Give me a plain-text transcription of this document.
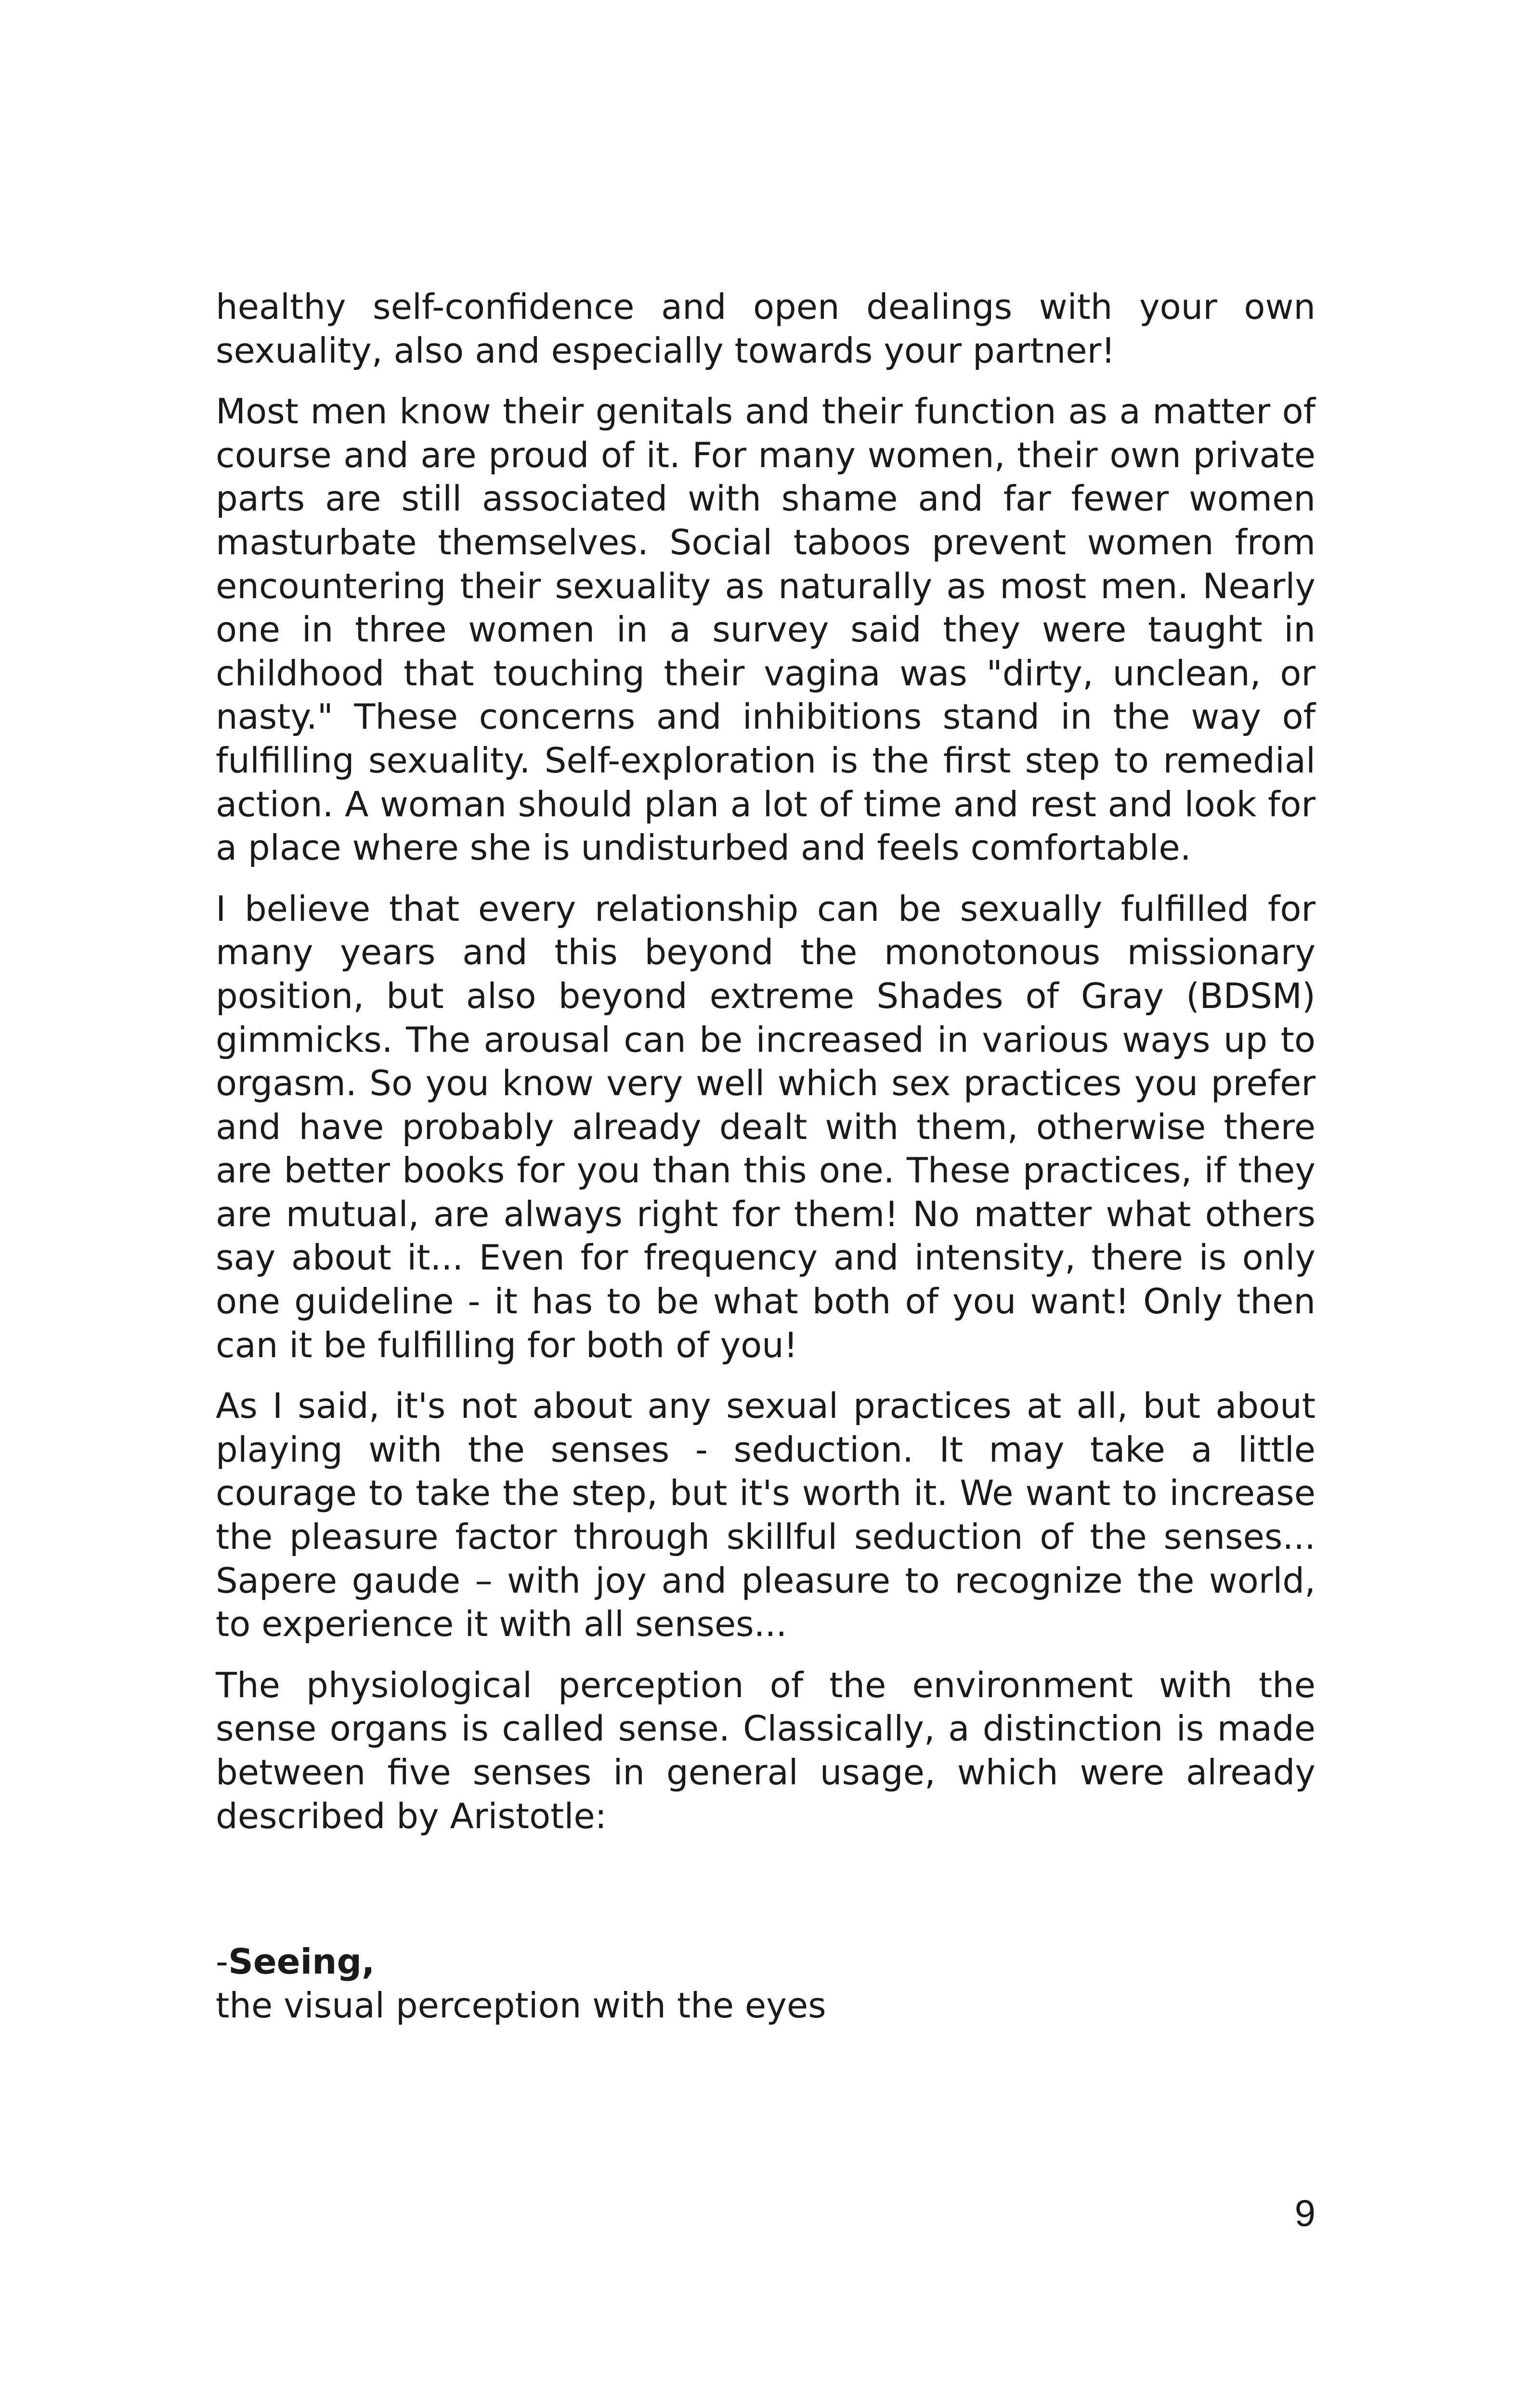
healthy self-confidence and open dealings with your own sexuality, also and especially towards your partner!

Most men know their genitals and their function as a matter of course and are proud of it. For many women, their own private parts are still associated with shame and far fewer women masturbate themselves. Social taboos prevent women from encountering their sexuality as naturally as most men. Nearly one in three women in a survey said they were taught in childhood that touching their vagina was "dirty, unclean, or nasty." These concerns and inhibitions stand in the way of fulfilling sexuality. Self-exploration is the first step to remedial action. A woman should plan a lot of time and rest and look for a place where she is undisturbed and feels comfortable.

I believe that every relationship can be sexually fulfilled for many years and this beyond the monotonous missionary position, but also beyond extreme Shades of Gray (BDSM) gimmicks. The arousal can be increased in various ways up to orgasm. So you know very well which sex practices you prefer and have probably already dealt with them, otherwise there are better books for you than this one. These practices, if they are mutual, are always right for them! No matter what others say about it... Even for frequency and intensity, there is only one guideline - it has to be what both of you want! Only then can it be fulfilling for both of you!

As I said, it's not about any sexual practices at all, but about playing with the senses - seduction. It may take a little courage to take the step, but it's worth it. We want to increase the pleasure factor through skillful seduction of the senses... Sapere gaude – with joy and pleasure to recognize the world, to experience it with all senses...

The physiological perception of the environment with the sense organs is called sense. Classically, a distinction is made between five senses in general usage, which were already described by Aristotle:

-Seeing,

the visual perception with the eyes

9
